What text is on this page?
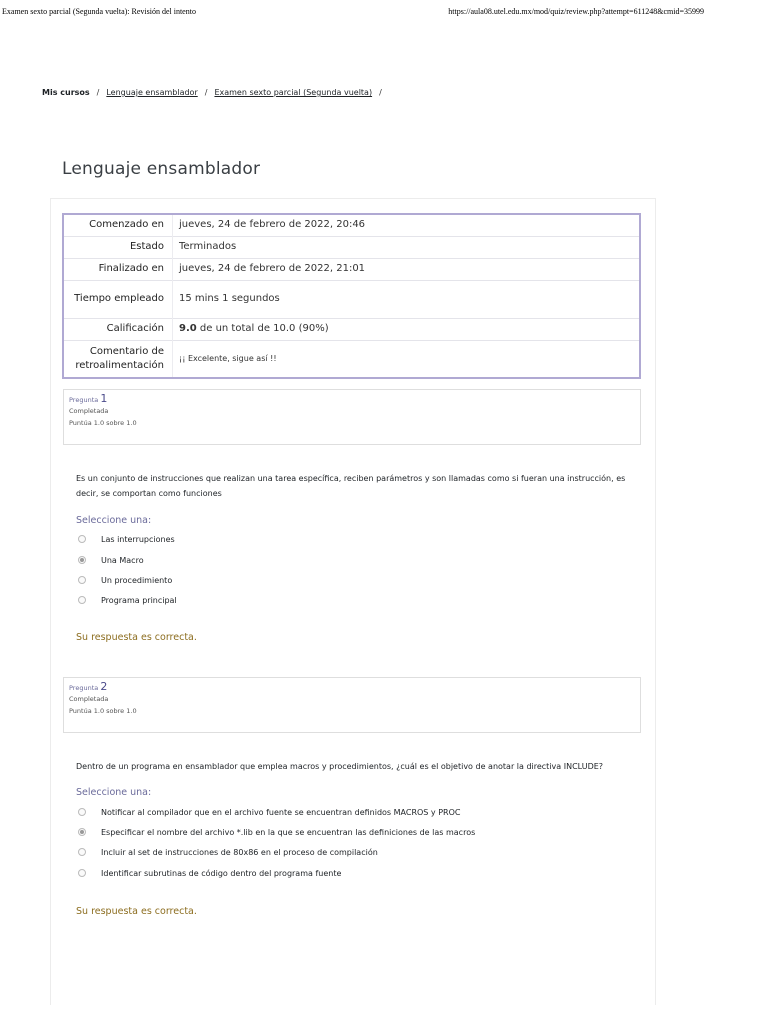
Examen sexto parcial (Segunda vuelta): Revisión del intento	https://aula08.utel.edu.mx/mod/quiz/review.php?attempt=611248&cmid=35999
Mis cursos / Lenguaje ensamblador / Examen sexto parcial (Segunda vuelta) /
Lenguaje ensamblador
Comenzado en	jueves, 24 de febrero de 2022, 20:46
Estado	Terminados
Finalizado en	jueves, 24 de febrero de 2022, 21:01
Tiempo empleado	15 mins 1 segundos
Calificación	9.0 de un total de 10.0 (90%)
Comentario de retroalimentación	¡¡ Excelente, sigue así !!
Pregunta 1
Completada
Puntúa 1.0 sobre 1.0
Es un conjunto de instrucciones que realizan una tarea específica, reciben parámetros y son llamadas como si fueran una instrucción, es decir, se comportan como funciones
Seleccione una:
Las interrupciones
Una Macro
Un procedimiento
Programa principal
Su respuesta es correcta.
Pregunta 2
Completada
Puntúa 1.0 sobre 1.0
Dentro de un programa en ensamblador que emplea macros y procedimientos, ¿cuál es el objetivo de anotar la directiva INCLUDE?
Seleccione una:
Notificar al compilador que en el archivo fuente se encuentran definidos MACROS y PROC
Especificar el nombre del archivo *.lib en la que se encuentran las definiciones de las macros
Incluir al set de instrucciones de 80x86 en el proceso de compilación
Identificar subrutinas de código dentro del programa fuente
Su respuesta es correcta.
